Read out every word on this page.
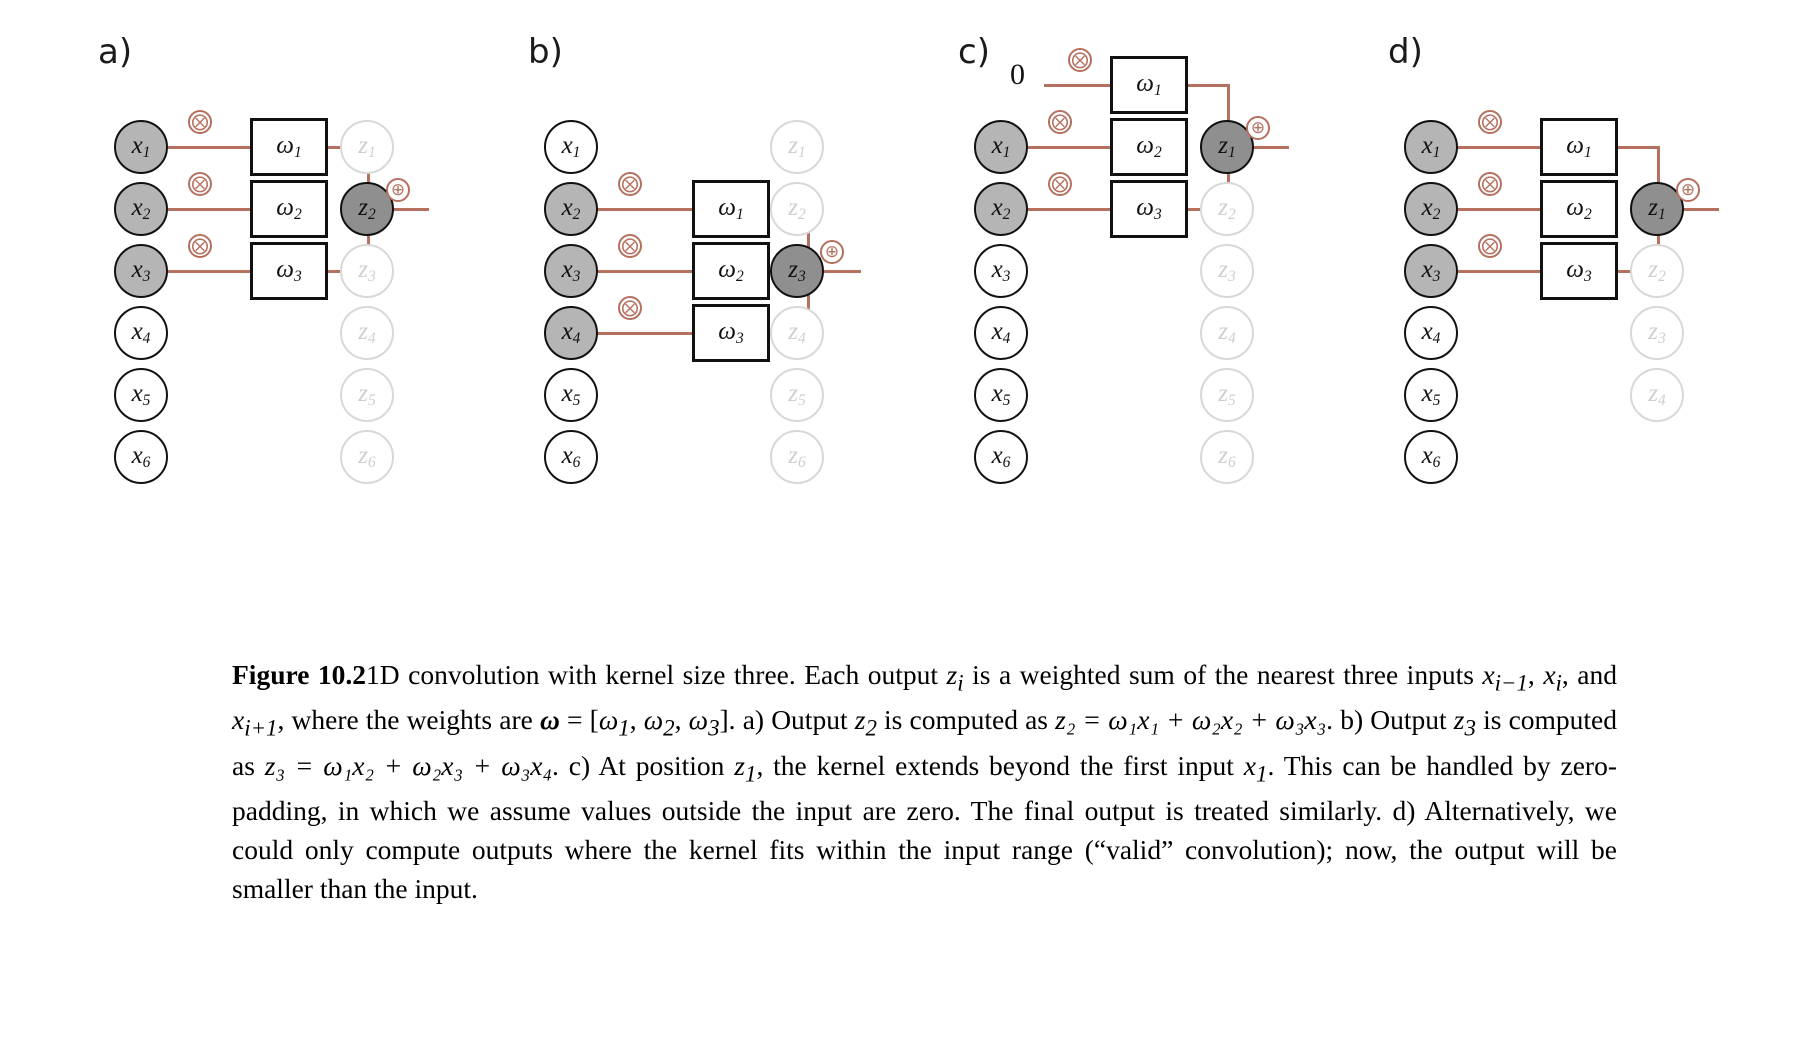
a)
$x_1$
$x_2$
$x_3$
$x_4$
$x_5$
$x_6$
$\omega_1$
$\omega_2$
$\omega_3$
⨂
⨂
⨂
⊕
$z_1$
$z_2$
$z_3$
$z_4$
$z_5$
$z_6$
b)
$x_1$
$x_2$
$x_3$
$x_4$
$x_5$
$x_6$
$\omega_1$
$\omega_2$
$\omega_3$
⨂
⨂
⨂
⊕
$z_1$
$z_2$
$z_3$
$z_4$
$z_5$
$z_6$
c)
0
$x_1$
$x_2$
$x_3$
$x_4$
$x_5$
$x_6$
$\omega_1$
$\omega_2$
$\omega_3$
⨂
⨂
⨂
⊕
$z_1$
$z_2$
$z_3$
$z_4$
$z_5$
$z_6$
d)
$x_1$
$x_2$
$x_3$
$x_4$
$x_5$
$x_6$
$\omega_1$
$\omega_2$
$\omega_3$
⨂
⨂
⨂
⊕
$z_1$
$z_2$
$z_3$
$z_4$
Figure 10.21D convolution with kernel size three. Each output $z_i$ is a weighted sum of the nearest three inputs $x_{i-1}$, $x_i$, and $x_{i+1}$, where the weights are $\omega = [\omega_1$, $\omega_2$, $\omega_3$]. a) Output $z_2$ is computed as z₂ = ω₁x₁ + ω₂x₂ + ω₃x₃. b) Output $z_3$ is computed as z₃ = ω₁x₂ + ω₂x₃ + ω₃x₄. c) At position $z_1$, the kernel extends beyond the first input $x_1$. This can be handled by zero-padding, in which we assume values outside the input are zero. The final output is treated similarly. d) Alternatively, we could only compute outputs where the kernel fits within the input range (“valid” convolution); now, the output will be smaller than the input.
